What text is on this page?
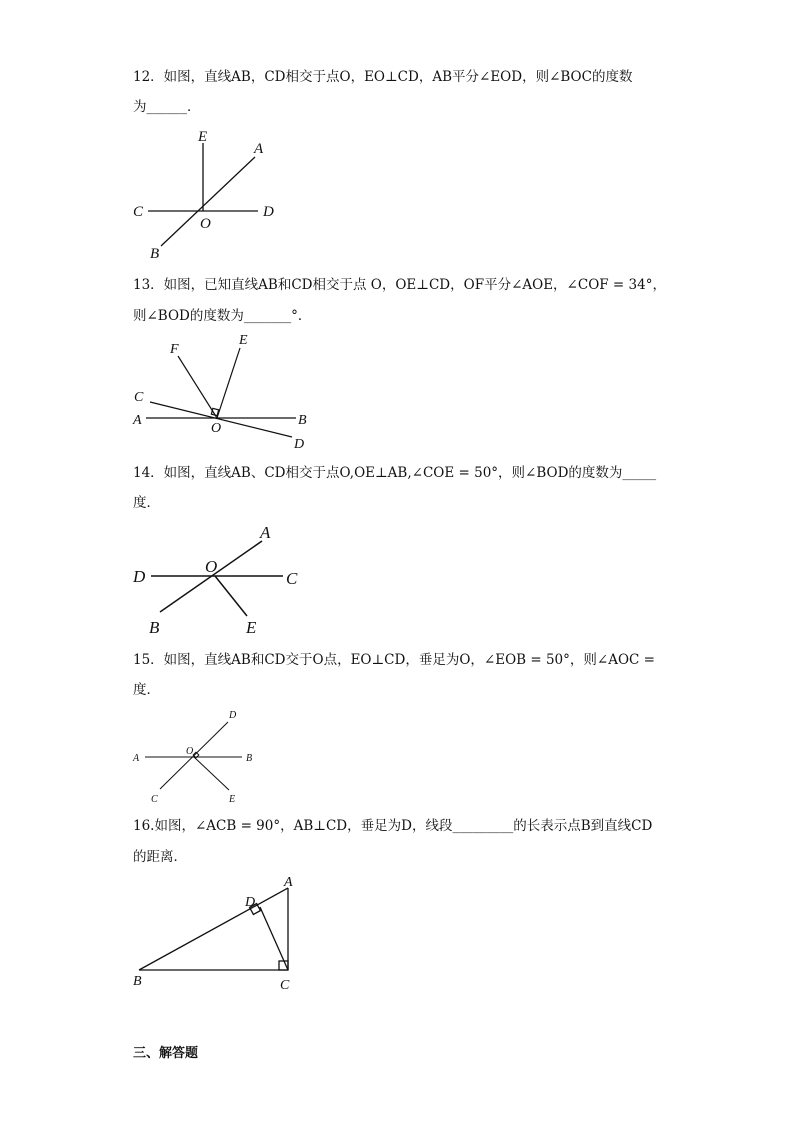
12．如图，直线AB，CD相交于点O，EO⊥CD，AB平分∠EOD，则∠BOC的度数
为______．
E
A
C
O
D
B
13．如图，已知直线AB和CD相交于点 O，OE⊥CD，OF平分∠AOE，∠COF = 34°，
则∠BOD的度数为_______°．
F
E
C
A
O
B
D
14．如图，直线AB、CD相交于点O,OE⊥AB,∠COE = 50°，则∠BOD的度数为_____
度．
A
D
O
C
B	E
15．如图，直线AB和CD交于O点，EO⊥CD，垂足为O，∠EOB = 50°，则∠AOC =
度．
D
A
O
B
C	E
16.如图，∠ACB = 90°，AB⊥CD，垂足为D，线段_________的长表示点B到直线CD
的距离．
A
D
B	C
三、解答题
